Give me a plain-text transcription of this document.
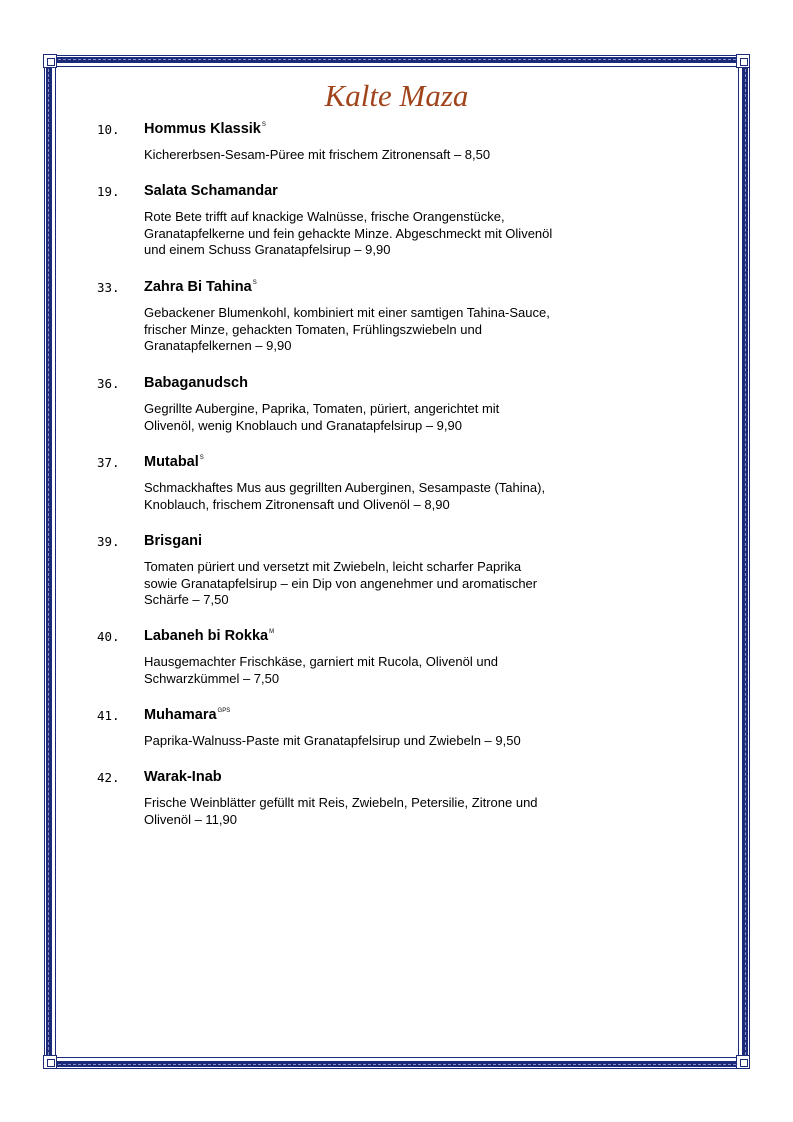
Kalte Maza
10. Hommus Klassik$^S$
Kichererbsen-Sesam-Püree mit frischem Zitronensaft – 8,50
19. Salata Schamandar
Rote Bete trifft auf knackige Walnüsse, frische Orangenstücke,
Granatapfelkerne und fein gehackte Minze. Abgeschmeckt mit Olivenöl
und einem Schuss Granatapfelsirup – 9,90
33. Zahra Bi Tahina$^S$
Gebackener Blumenkohl, kombiniert mit einer samtigen Tahina-Sauce,
frischer Minze, gehackten Tomaten, Frühlingszwiebeln und
Granatapfelkernen – 9,90
36. Babaganudsch
Gegrillte Aubergine, Paprika, Tomaten, püriert, angerichtet mit
Olivenöl, wenig Knoblauch und Granatapfelsirup – 9,90
37. Mutabal$^S$
Schmackhaftes Mus aus gegrillten Auberginen, Sesampaste (Tahina),
Knoblauch, frischem Zitronensaft und Olivenöl – 8,90
39. Brisgani
Tomaten püriert und versetzt mit Zwiebeln, leicht scharfer Paprika
sowie Granatapfelsirup – ein Dip von angenehmer und aromatischer
Schärfe – 7,50
40. Labaneh bi Rokka$^M$
Hausgemachter Frischkäse, garniert mit Rucola, Olivenöl und
Schwarzkümmel – 7,50
41. Muhamara$^{GPS}$
Paprika-Walnuss-Paste mit Granatapfelsirup und Zwiebeln – 9,50
42. Warak-Inab
Frische Weinblätter gefüllt mit Reis, Zwiebeln, Petersilie, Zitrone und
Olivenöl – 11,90
